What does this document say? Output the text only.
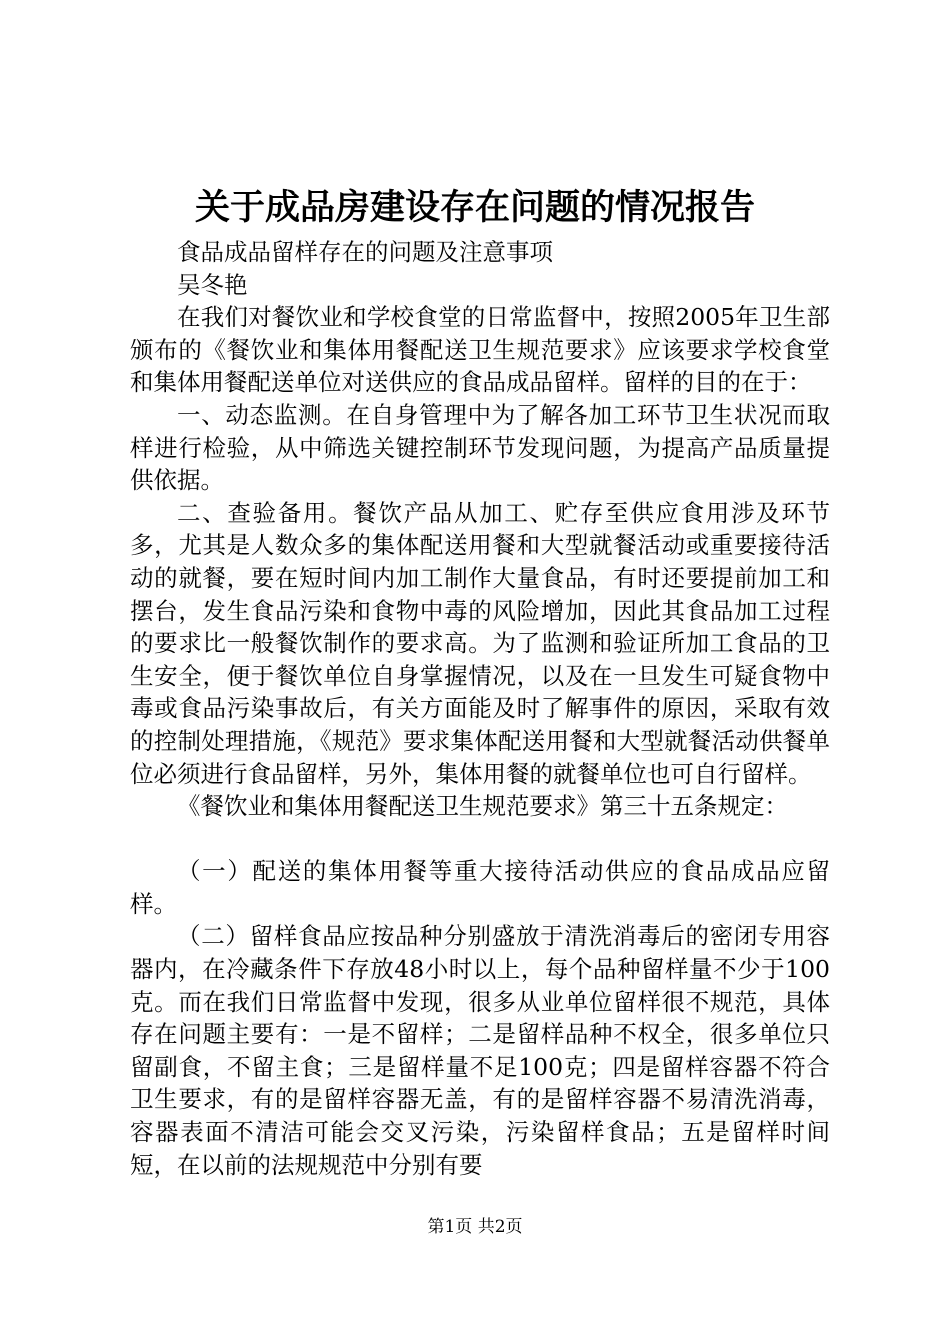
关于成品房建设存在问题的情况报告

食品成品留样存在的问题及注意事项

吴冬艳

在我们对餐饮业和学校食堂的日常监督中，按照2005年卫生部颁布的《餐饮业和集体用餐配送卫生规范要求》应该要求学校食堂和集体用餐配送单位对送供应的食品成品留样。留样的目的在于：

一、动态监测。在自身管理中为了解各加工环节卫生状况而取样进行检验，从中筛选关键控制环节发现问题，为提高产品质量提供依据。

二、查验备用。餐饮产品从加工、贮存至供应食用涉及环节多，尤其是人数众多的集体配送用餐和大型就餐活动或重要接待活动的就餐，要在短时间内加工制作大量食品，有时还要提前加工和摆台，发生食品污染和食物中毒的风险增加，因此其食品加工过程的要求比一般餐饮制作的要求高。为了监测和验证所加工食品的卫生安全，便于餐饮单位自身掌握情况，以及在一旦发生可疑食物中毒或食品污染事故后，有关方面能及时了解事件的原因，采取有效的控制处理措施，《规范》要求集体配送用餐和大型就餐活动供餐单位必须进行食品留样，另外，集体用餐的就餐单位也可自行留样。

《餐饮业和集体用餐配送卫生规范要求》第三十五条规定：

（一）配送的集体用餐等重大接待活动供应的食品成品应留样。

（二）留样食品应按品种分别盛放于清洗消毒后的密闭专用容器内，在冷藏条件下存放48小时以上，每个品种留样量不少于100克。而在我们日常监督中发现，很多从业单位留样很不规范，具体存在问题主要有：一是不留样；二是留样品种不权全，很多单位只留副食，不留主食；三是留样量不足100克；四是留样容器不符合卫生要求，有的是留样容器无盖，有的是留样容器不易清洗消毒，容器表面不清洁可能会交叉污染，污染留样食品；五是留样时间短，在以前的法规规范中分别有要

第1页 共2页
